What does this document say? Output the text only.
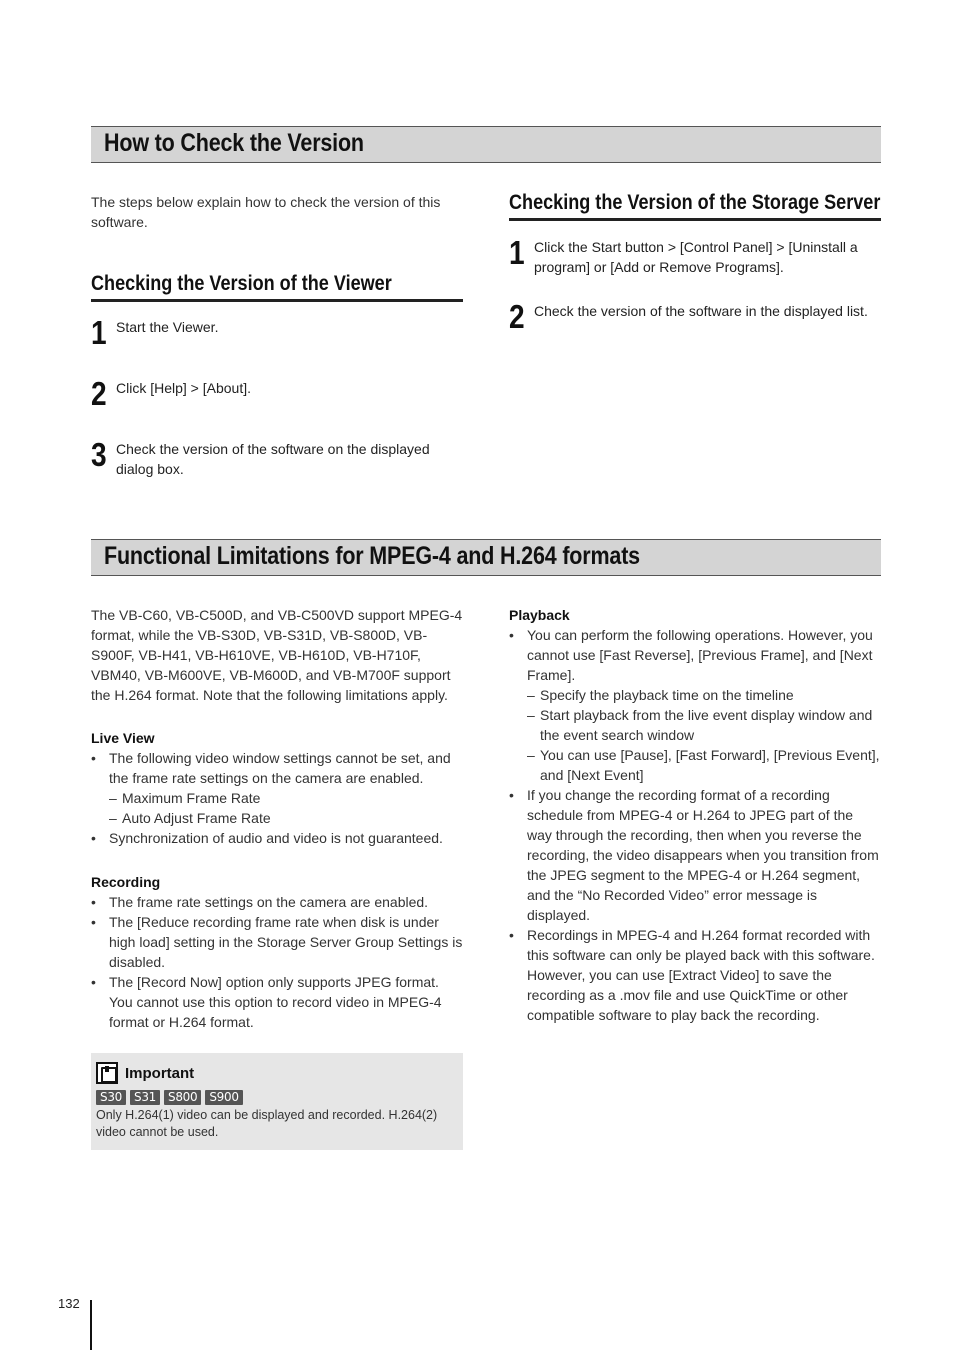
How to Check the Version
The steps below explain how to check the version of this software.
Checking the Version of the Viewer
1 Start the Viewer.
2 Click [Help] > [About].
3 Check the version of the software on the displayed dialog box.
Checking the Version of the Storage Server
1 Click the Start button > [Control Panel] > [Uninstall a program] or [Add or Remove Programs].
2 Check the version of the software in the displayed list.
Functional Limitations for MPEG-4 and H.264 formats

The VB-C60, VB-C500D, and VB-C500VD support MPEG-4 format, while the VB-S30D, VB-S31D, VB-S800D, VB-S900F, VB-H41, VB-H610VE, VB-H610D, VB-H710F, VBM40, VB-M600VE, VB-M600D, and VB-M700F support the H.264 format. Note that the following limitations apply.

Live View
• The following video window settings cannot be set, and the frame rate settings on the camera are enabled.
– Maximum Frame Rate
– Auto Adjust Frame Rate
• Synchronization of audio and video is not guaranteed.
Recording
• The frame rate settings on the camera are enabled.
• The [Reduce recording frame rate when disk is under high load] setting in the Storage Server Group Settings is disabled.
• The [Record Now] option only supports JPEG format. You cannot use this option to record video in MPEG-4 format or H.264 format.
Important
S30	S31	S800	S900
Only H.264(1) video can be displayed and recorded. H.264(2) video cannot be used.
Playback
• You can perform the following operations. However, you cannot use [Fast Reverse], [Previous Frame], and [Next Frame].
– Specify the playback time on the timeline
– Start playback from the live event display window and the event search window
– You can use [Pause], [Fast Forward], [Previous Event], and [Next Event]
• If you change the recording format of a recording schedule from MPEG-4 or H.264 to JPEG part of the way through the recording, then when you reverse the recording, the video disappears when you transition from the JPEG segment to the MPEG-4 or H.264 segment, and the “No Recorded Video” error message is displayed.
• Recordings in MPEG-4 and H.264 format recorded with this software can only be played back with this software. However, you can use [Extract Video] to save the recording as a .mov file and use QuickTime or other compatible software to play back the recording.
132
